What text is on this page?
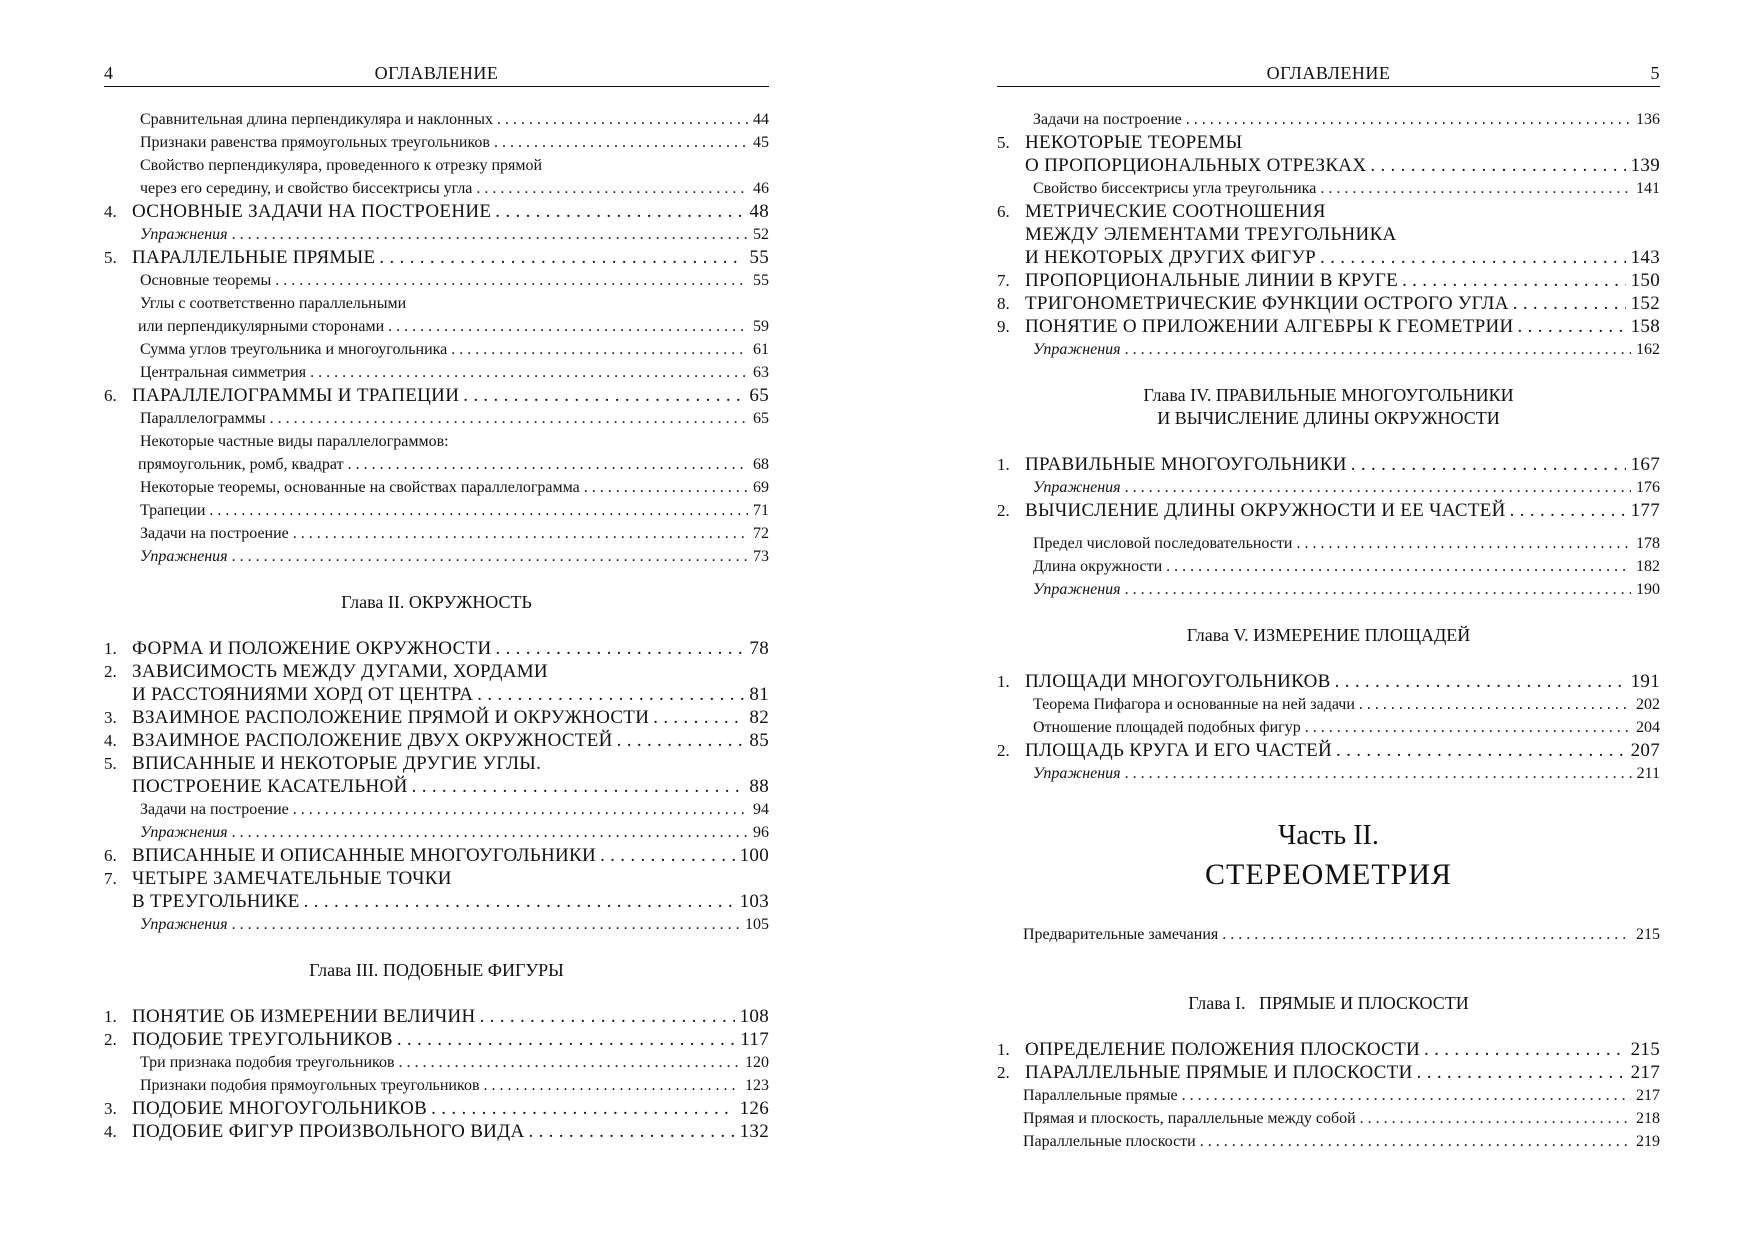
4	ОГЛАВЛЕНИЕ
Сравнительная длина перпендикуляра и наклонных . . .	44
Признаки равенства прямоугольных треугольников . . .	45
Свойство перпендикуляра, проведенного к отрезку прямой
через его середину, и свойство биссектрисы угла . . .	46
4. ОСНОВНЫЕ ЗАДАЧИ НА ПОСТРОЕНИЕ . . .	48
Упражнения . . .	52
5. ПАРАЛЛЕЛЬНЫЕ ПРЯМЫЕ . . .	55
Основные теоремы . . .	55
Углы с соответственно параллельными
или перпендикулярными сторонами . . .	59
Сумма углов треугольника и многоугольника . . .	61
Центральная симметрия . . .	63
6. ПАРАЛЛЕЛОГРАММЫ И ТРАПЕЦИИ . . .	65
Параллелограммы . . .	65
Некоторые частные виды параллелограммов:
прямоугольник, ромб, квадрат . . .	68
Некоторые теоремы, основанные на свойствах параллелограмма . . .	69
Трапеции . . .	71
Задачи на построение . . .	72
Упражнения . . .	73
Глава II. ОКРУЖНОСТЬ
1. ФОРМА И ПОЛОЖЕНИЕ ОКРУЖНОСТИ . . .	78
2. ЗАВИСИМОСТЬ МЕЖДУ ДУГАМИ, ХОРДАМИ
И РАССТОЯНИЯМИ ХОРД ОТ ЦЕНТРА . . .	81
3. ВЗАИМНОЕ РАСПОЛОЖЕНИЕ ПРЯМОЙ И ОКРУЖНОСТИ . . .	82
4. ВЗАИМНОЕ РАСПОЛОЖЕНИЕ ДВУХ ОКРУЖНОСТЕЙ . . .	85
5. ВПИСАННЫЕ И НЕКОТОРЫЕ ДРУГИЕ УГЛЫ.
ПОСТРОЕНИЕ КАСАТЕЛЬНОЙ . . .	88
Задачи на построение . . .	94
Упражнения . . .	96
6. ВПИСАННЫЕ И ОПИСАННЫЕ МНОГОУГОЛЬНИКИ . . .	100
7. ЧЕТЫРЕ ЗАМЕЧАТЕЛЬНЫЕ ТОЧКИ
В ТРЕУГОЛЬНИКЕ . . .	103
Упражнения . . .	105
Глава III. ПОДОБНЫЕ ФИГУРЫ
1. ПОНЯТИЕ ОБ ИЗМЕРЕНИИ ВЕЛИЧИН . . .	108
2. ПОДОБИЕ ТРЕУГОЛЬНИКОВ . . .	117
Три признака подобия треугольников . . .	120
Признаки подобия прямоугольных треугольников . . .	123
3. ПОДОБИЕ МНОГОУГОЛЬНИКОВ . . .	126
4. ПОДОБИЕ ФИГУР ПРОИЗВОЛЬНОГО ВИДА . . .	132
ОГЛАВЛЕНИЕ	5
Задачи на построение . . .	136
5. НЕКОТОРЫЕ ТЕОРЕМЫ
О ПРОПОРЦИОНАЛЬНЫХ ОТРЕЗКАХ . . .	139
Свойство биссектрисы угла треугольника . . .	141
6. МЕТРИЧЕСКИЕ СООТНОШЕНИЯ
МЕЖДУ ЭЛЕМЕНТАМИ ТРЕУГОЛЬНИКА
И НЕКОТОРЫХ ДРУГИХ ФИГУР . . .	143
7. ПРОПОРЦИОНАЛЬНЫЕ ЛИНИИ В КРУГЕ . . .	150
8. ТРИГОНОМЕТРИЧЕСКИЕ ФУНКЦИИ ОСТРОГО УГЛА . . .	152
9. ПОНЯТИЕ О ПРИЛОЖЕНИИ АЛГЕБРЫ К ГЕОМЕТРИИ . . .	158
Упражнения . . .	162
Глава IV. ПРАВИЛЬНЫЕ МНОГОУГОЛЬНИКИ
И ВЫЧИСЛЕНИЕ ДЛИНЫ ОКРУЖНОСТИ
1. ПРАВИЛЬНЫЕ МНОГОУГОЛЬНИКИ . . .	167
Упражнения . . .	176
2. ВЫЧИСЛЕНИЕ ДЛИНЫ ОКРУЖНОСТИ И ЕЕ ЧАСТЕЙ . . .	177
Предел числовой последовательности . . .	178
Длина окружности . . .	182
Упражнения . . .	190
Глава V. ИЗМЕРЕНИЕ ПЛОЩАДЕЙ
1. ПЛОЩАДИ МНОГОУГОЛЬНИКОВ . . .	191
Теорема Пифагора и основанные на ней задачи . . .	202
Отношение площадей подобных фигур . . .	204
2. ПЛОЩАДЬ КРУГА И ЕГО ЧАСТЕЙ . . .	207
Упражнения . . .	211
Часть II.
СТЕРЕОМЕТРИЯ
Предварительные замечания . . .	215
Глава I.   ПРЯМЫЕ И ПЛОСКОСТИ
1. ОПРЕДЕЛЕНИЕ ПОЛОЖЕНИЯ ПЛОСКОСТИ . . .	215
2. ПАРАЛЛЕЛЬНЫЕ ПРЯМЫЕ И ПЛОСКОСТИ . . .	217
Параллельные прямые . . .	217
Прямая и плоскость, параллельные между собой . . .	218
Параллельные плоскости . . .	219
